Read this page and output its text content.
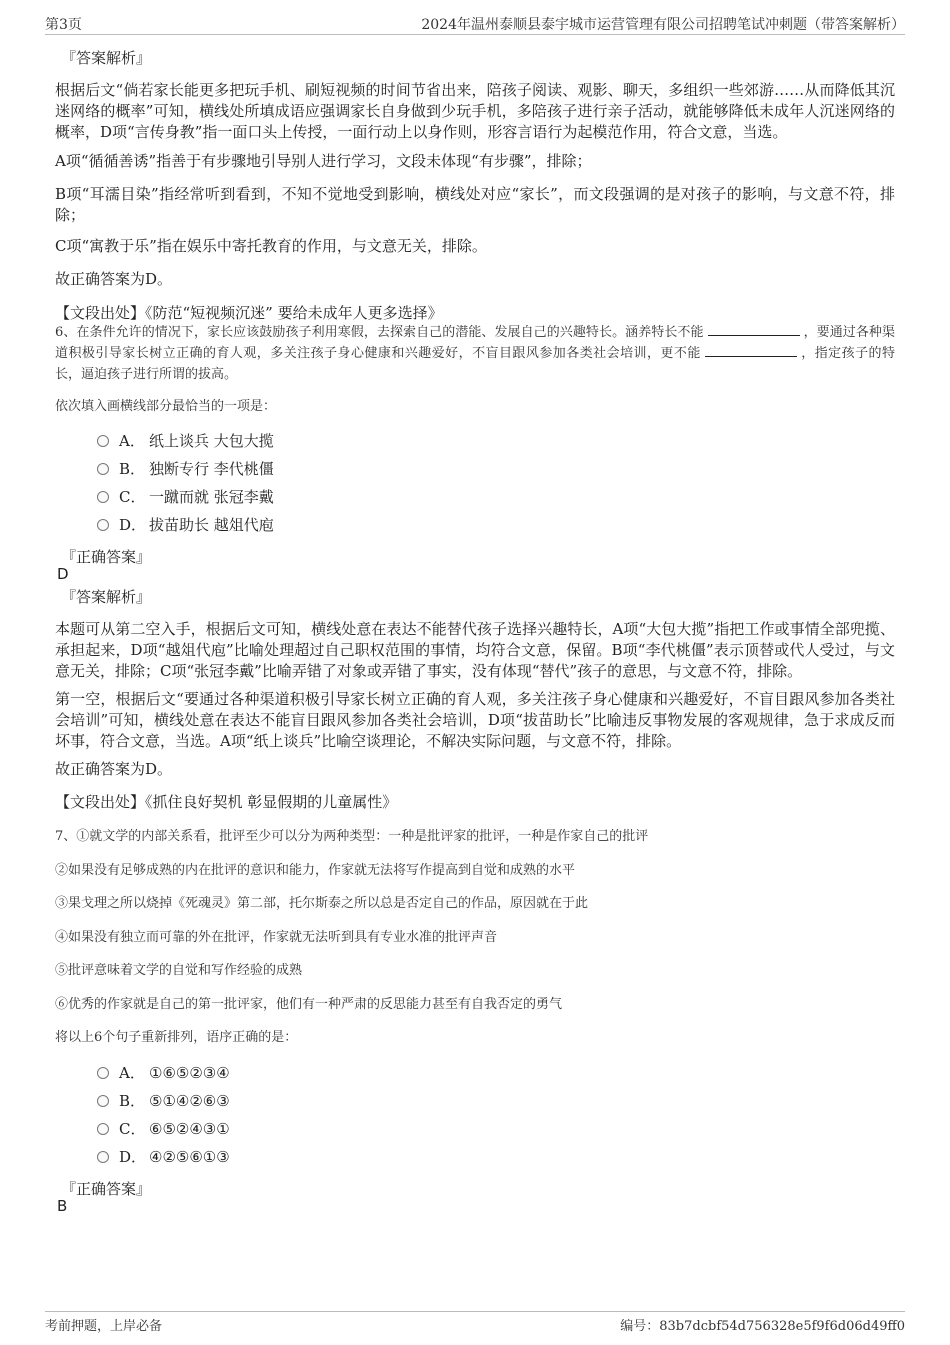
第3页	2024年温州泰顺县泰宇城市运营管理有限公司招聘笔试冲刺题（带答案解析）
『答案解析』
根据后文“倘若家长能更多把玩手机、刷短视频的时间节省出来，陪孩子阅读、观影、聊天，多组织一些郊游……从而降低其沉迷网络的概率”可知，横线处所填成语应强调家长自身做到少玩手机，多陪孩子进行亲子活动，就能够降低未成年人沉迷网络的概率，D项“言传身教”指一面口头上传授，一面行动上以身作则，形容言语行为起模范作用，符合文意，当选。
A项“循循善诱”指善于有步骤地引导别人进行学习，文段未体现“有步骤”，排除；
B项“耳濡目染”指经常听到看到，不知不觉地受到影响，横线处对应“家长”，而文段强调的是对孩子的影响，与文意不符，排除；
C项“寓教于乐”指在娱乐中寄托教育的作用，与文意无关，排除。
故正确答案为D。
【文段出处】《防范“短视频沉迷” 要给未成年人更多选择》
6、在条件允许的情况下，家长应该鼓励孩子利用寒假，去探索自己的潜能、发展自己的兴趣特长。涵养特长不能	，要通过各种渠道积极引导家长树立正确的育人观，多关注孩子身心健康和兴趣爱好，不盲目跟风参加各类社会培训，更不能	，指定孩子的特长，逼迫孩子进行所谓的拔高。
依次填入画横线部分最恰当的一项是：
A． 纸上谈兵 大包大揽
B． 独断专行 李代桃僵
C． 一蹴而就 张冠李戴
D． 拔苗助长 越俎代庖
『正确答案』
D
『答案解析』
本题可从第二空入手，根据后文可知，横线处意在表达不能替代孩子选择兴趣特长，A项“大包大揽”指把工作或事情全部兜揽、承担起来，D项“越俎代庖”比喻处理超过自己职权范围的事情，均符合文意，保留。B项“李代桃僵”表示顶替或代人受过，与文意无关，排除；C项“张冠李戴”比喻弄错了对象或弄错了事实，没有体现“替代”孩子的意思，与文意不符，排除。
第一空，根据后文“要通过各种渠道积极引导家长树立正确的育人观，多关注孩子身心健康和兴趣爱好，不盲目跟风参加各类社会培训”可知，横线处意在表达不能盲目跟风参加各类社会培训，D项“拔苗助长”比喻违反事物发展的客观规律，急于求成反而坏事，符合文意，当选。A项“纸上谈兵”比喻空谈理论，不解决实际问题，与文意不符，排除。
故正确答案为D。
【文段出处】《抓住良好契机 彰显假期的儿童属性》
7、①就文学的内部关系看，批评至少可以分为两种类型：一种是批评家的批评，一种是作家自己的批评
②如果没有足够成熟的内在批评的意识和能力，作家就无法将写作提高到自觉和成熟的水平
③果戈理之所以烧掉《死魂灵》第二部，托尔斯泰之所以总是否定自己的作品，原因就在于此
④如果没有独立而可靠的外在批评，作家就无法听到具有专业水准的批评声音
⑤批评意味着文学的自觉和写作经验的成熟
⑥优秀的作家就是自己的第一批评家，他们有一种严肃的反思能力甚至有自我否定的勇气
将以上6个句子重新排列，语序正确的是：
A． ①⑥⑤②③④
B． ⑤①④②⑥③
C． ⑥⑤②④③①
D． ④②⑤⑥①③
『正确答案』
B
考前押题，上岸必备	编号：83b7dcbf54d756328e5f9f6d06d49ff0
